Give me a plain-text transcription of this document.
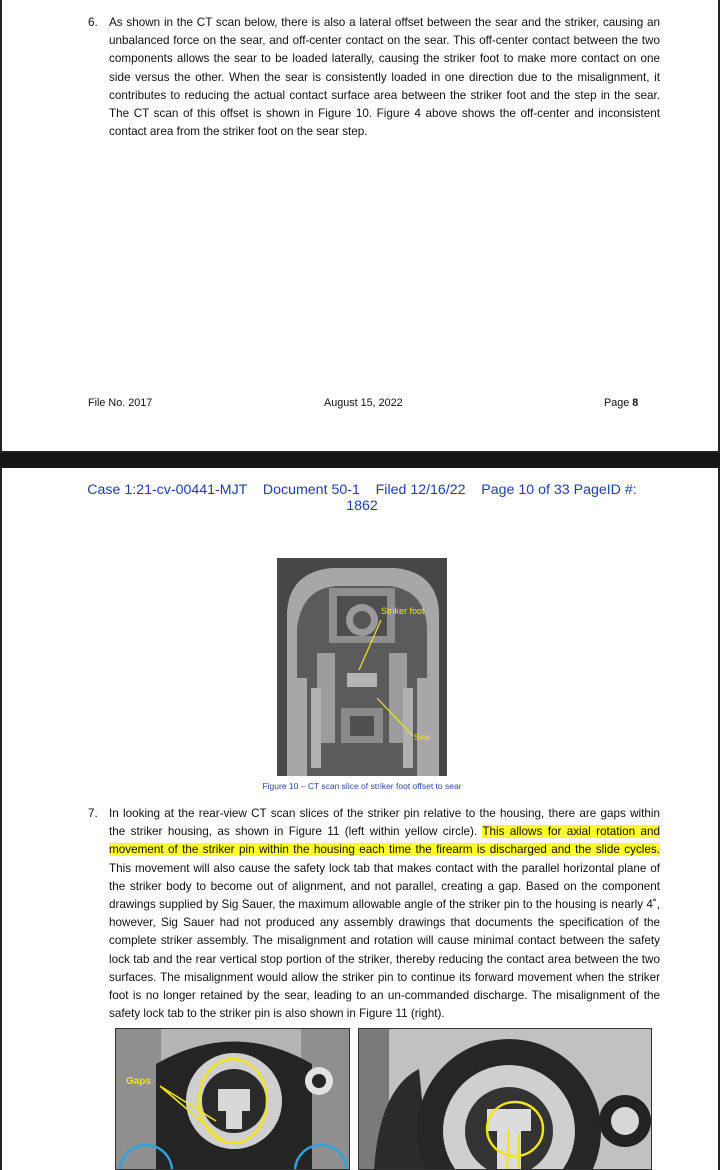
6. As shown in the CT scan below, there is also a lateral offset between the sear and the striker, causing an unbalanced force on the sear, and off-center contact on the sear. This off-center contact between the two components allows the sear to be loaded laterally, causing the striker foot to make more contact on one side versus the other. When the sear is consistently loaded in one direction due to the misalignment, it contributes to reducing the actual contact surface area between the striker foot and the step in the sear. The CT scan of this offset is shown in Figure 10. Figure 4 above shows the off-center and inconsistent contact area from the striker foot on the sear step.
File No. 2017	August 15, 2022	Page 8
Case 1:21-cv-00441-MJT    Document 50-1    Filed 12/16/22    Page 10 of 33 PageID #:
1862
Striker foot
Sear
Figure 10 – CT scan slice of striker foot offset to sear
7. In looking at the rear-view CT scan slices of the striker pin relative to the housing, there are gaps within the striker housing, as shown in Figure 11 (left within yellow circle). This allows for axial rotation and movement of the striker pin within the housing each time the firearm is discharged and the slide cycles. This movement will also cause the safety lock tab that makes contact with the parallel horizontal plane of the striker body to become out of alignment, and not parallel, creating a gap. Based on the component drawings supplied by Sig Sauer, the maximum allowable angle of the striker pin to the housing is nearly 4˚, however, Sig Sauer had not produced any assembly drawings that documents the specification of the complete striker assembly. The misalignment and rotation will cause minimal contact between the safety lock tab and the rear vertical stop portion of the striker, thereby reducing the contact area between the two surfaces. The misalignment would allow the striker pin to continue its forward movement when the striker foot is no longer retained by the sear, leading to an un-commanded discharge. The misalignment of the safety lock tab to the striker pin is also shown in Figure 11 (right).
Gaps
